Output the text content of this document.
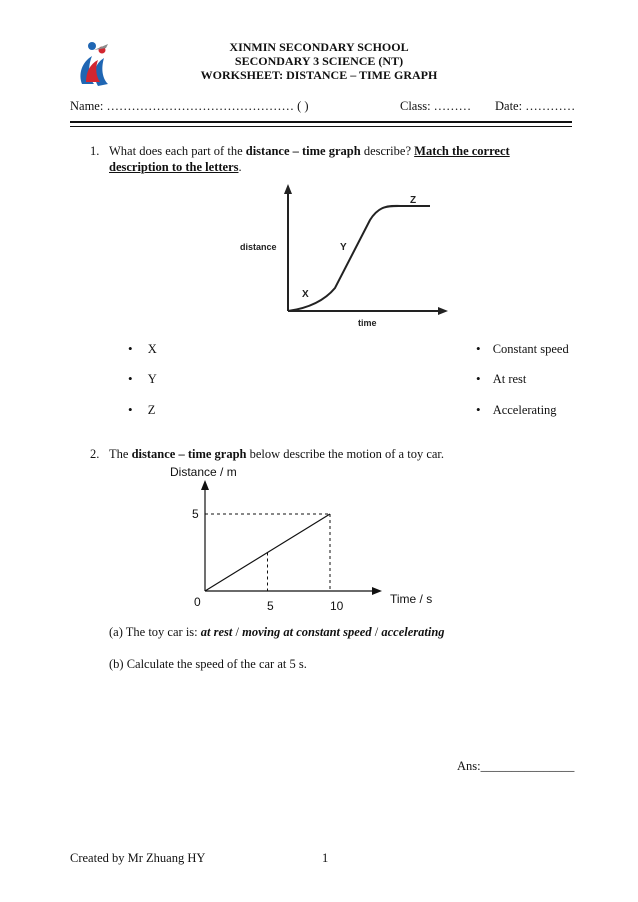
XINMIN SECONDARY SCHOOL
SECONDARY 3 SCIENCE (NT)
WORKSHEET: DISTANCE – TIME GRAPH
Name: ……………………………………… ( )	Class: ……… Date: …………
1. What does each part of the distance – time graph describe? Match the correct
description to the letters.
distance
time
X
Y
Z
• X
• Y
• Z
• Constant speed
• At rest
• Accelerating
2. The distance – time graph below describe the motion of a toy car.
Distance / m
5
0	5	10	Time / s
(a) The toy car is: at rest / moving at constant speed / accelerating
(b) Calculate the speed of the car at 5 s.
Ans:_______________
Created by Mr Zhuang HY	1
